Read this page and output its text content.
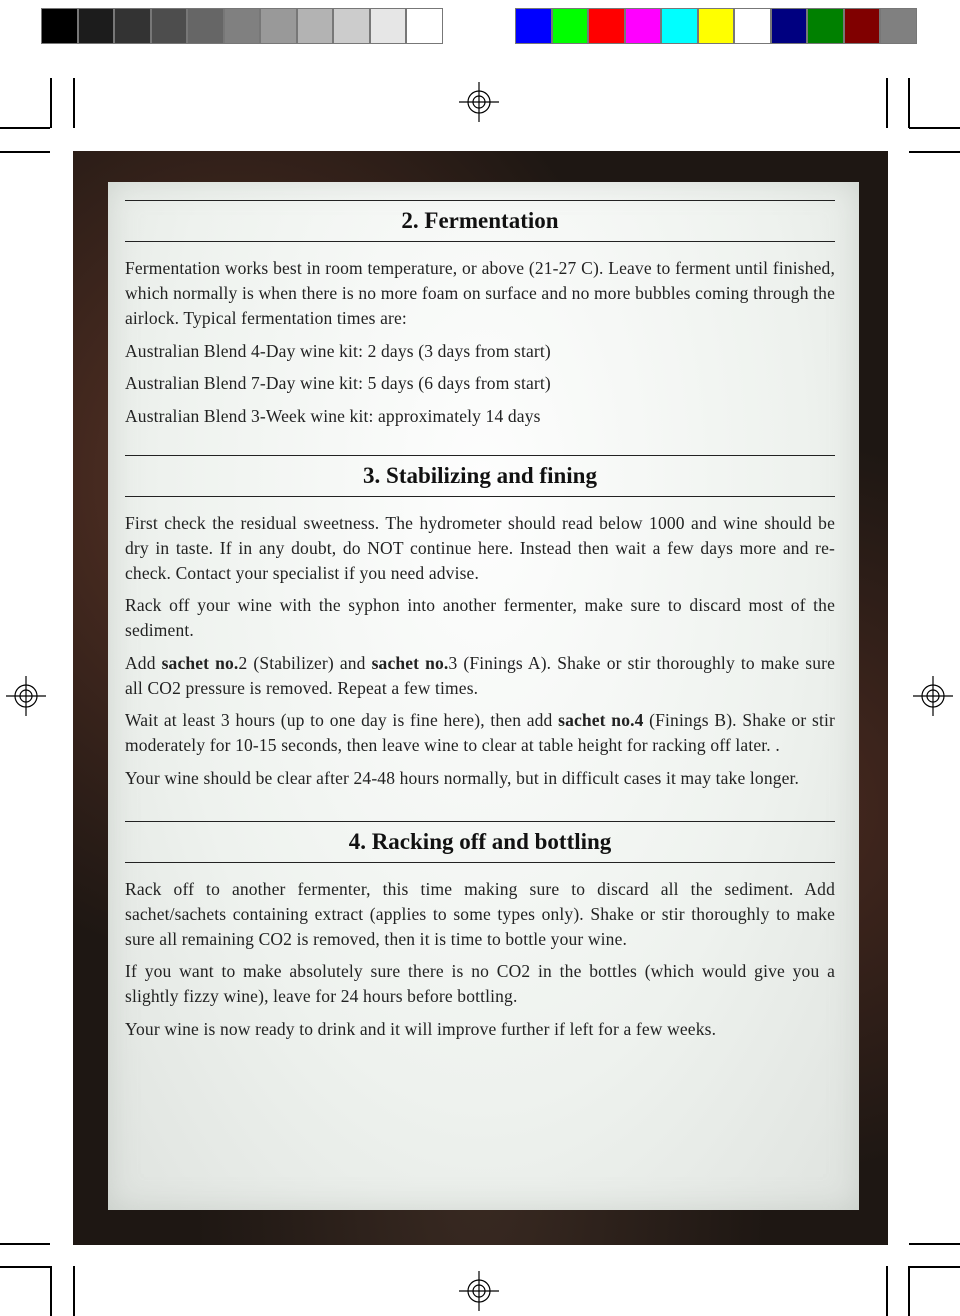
2. Fermentation

Fermentation works best in room temperature, or above (21-27 C). Leave to ferment until finished, which normally is when there is no more foam on surface and no more bubbles coming through the airlock. Typical fermentation times are:

Australian Blend 4-Day wine kit: 2 days (3 days from start)

Australian Blend 7-Day wine kit: 5 days (6 days from start)

Australian Blend 3-Week wine kit: approximately 14 days

3. Stabilizing and fining

First check the residual sweetness. The hydrometer should read below 1000 and wine should be dry in taste. If in any doubt, do NOT continue here. Instead then wait a few days more and re-check. Contact your specialist if you need advise.

Rack off your wine with the syphon into another fermenter, make sure to discard most of the sediment.

Add sachet no.2 (Stabilizer) and sachet no.3 (Finings A). Shake or stir thoroughly to make sure all CO2 pressure is removed. Repeat a few times.

Wait at least 3 hours (up to one day is fine here), then add sachet no.4 (Finings B). Shake or stir moderately for 10-15 seconds, then leave wine to clear at table height for racking off later. .

Your wine should be clear after 24-48 hours normally, but in difficult cases it may take longer.

4. Racking off and bottling

Rack off to another fermenter, this time making sure to discard all the sediment. Add sachet/sachets containing extract (applies to some types only). Shake or stir thoroughly to make sure all remaining CO2 is removed, then it is time to bottle your wine.

If you want to make absolutely sure there is no CO2 in the bottles (which would give you a slightly fizzy wine), leave for 24 hours before bottling.

Your wine is now ready to drink and it will improve further if left for a few weeks.
